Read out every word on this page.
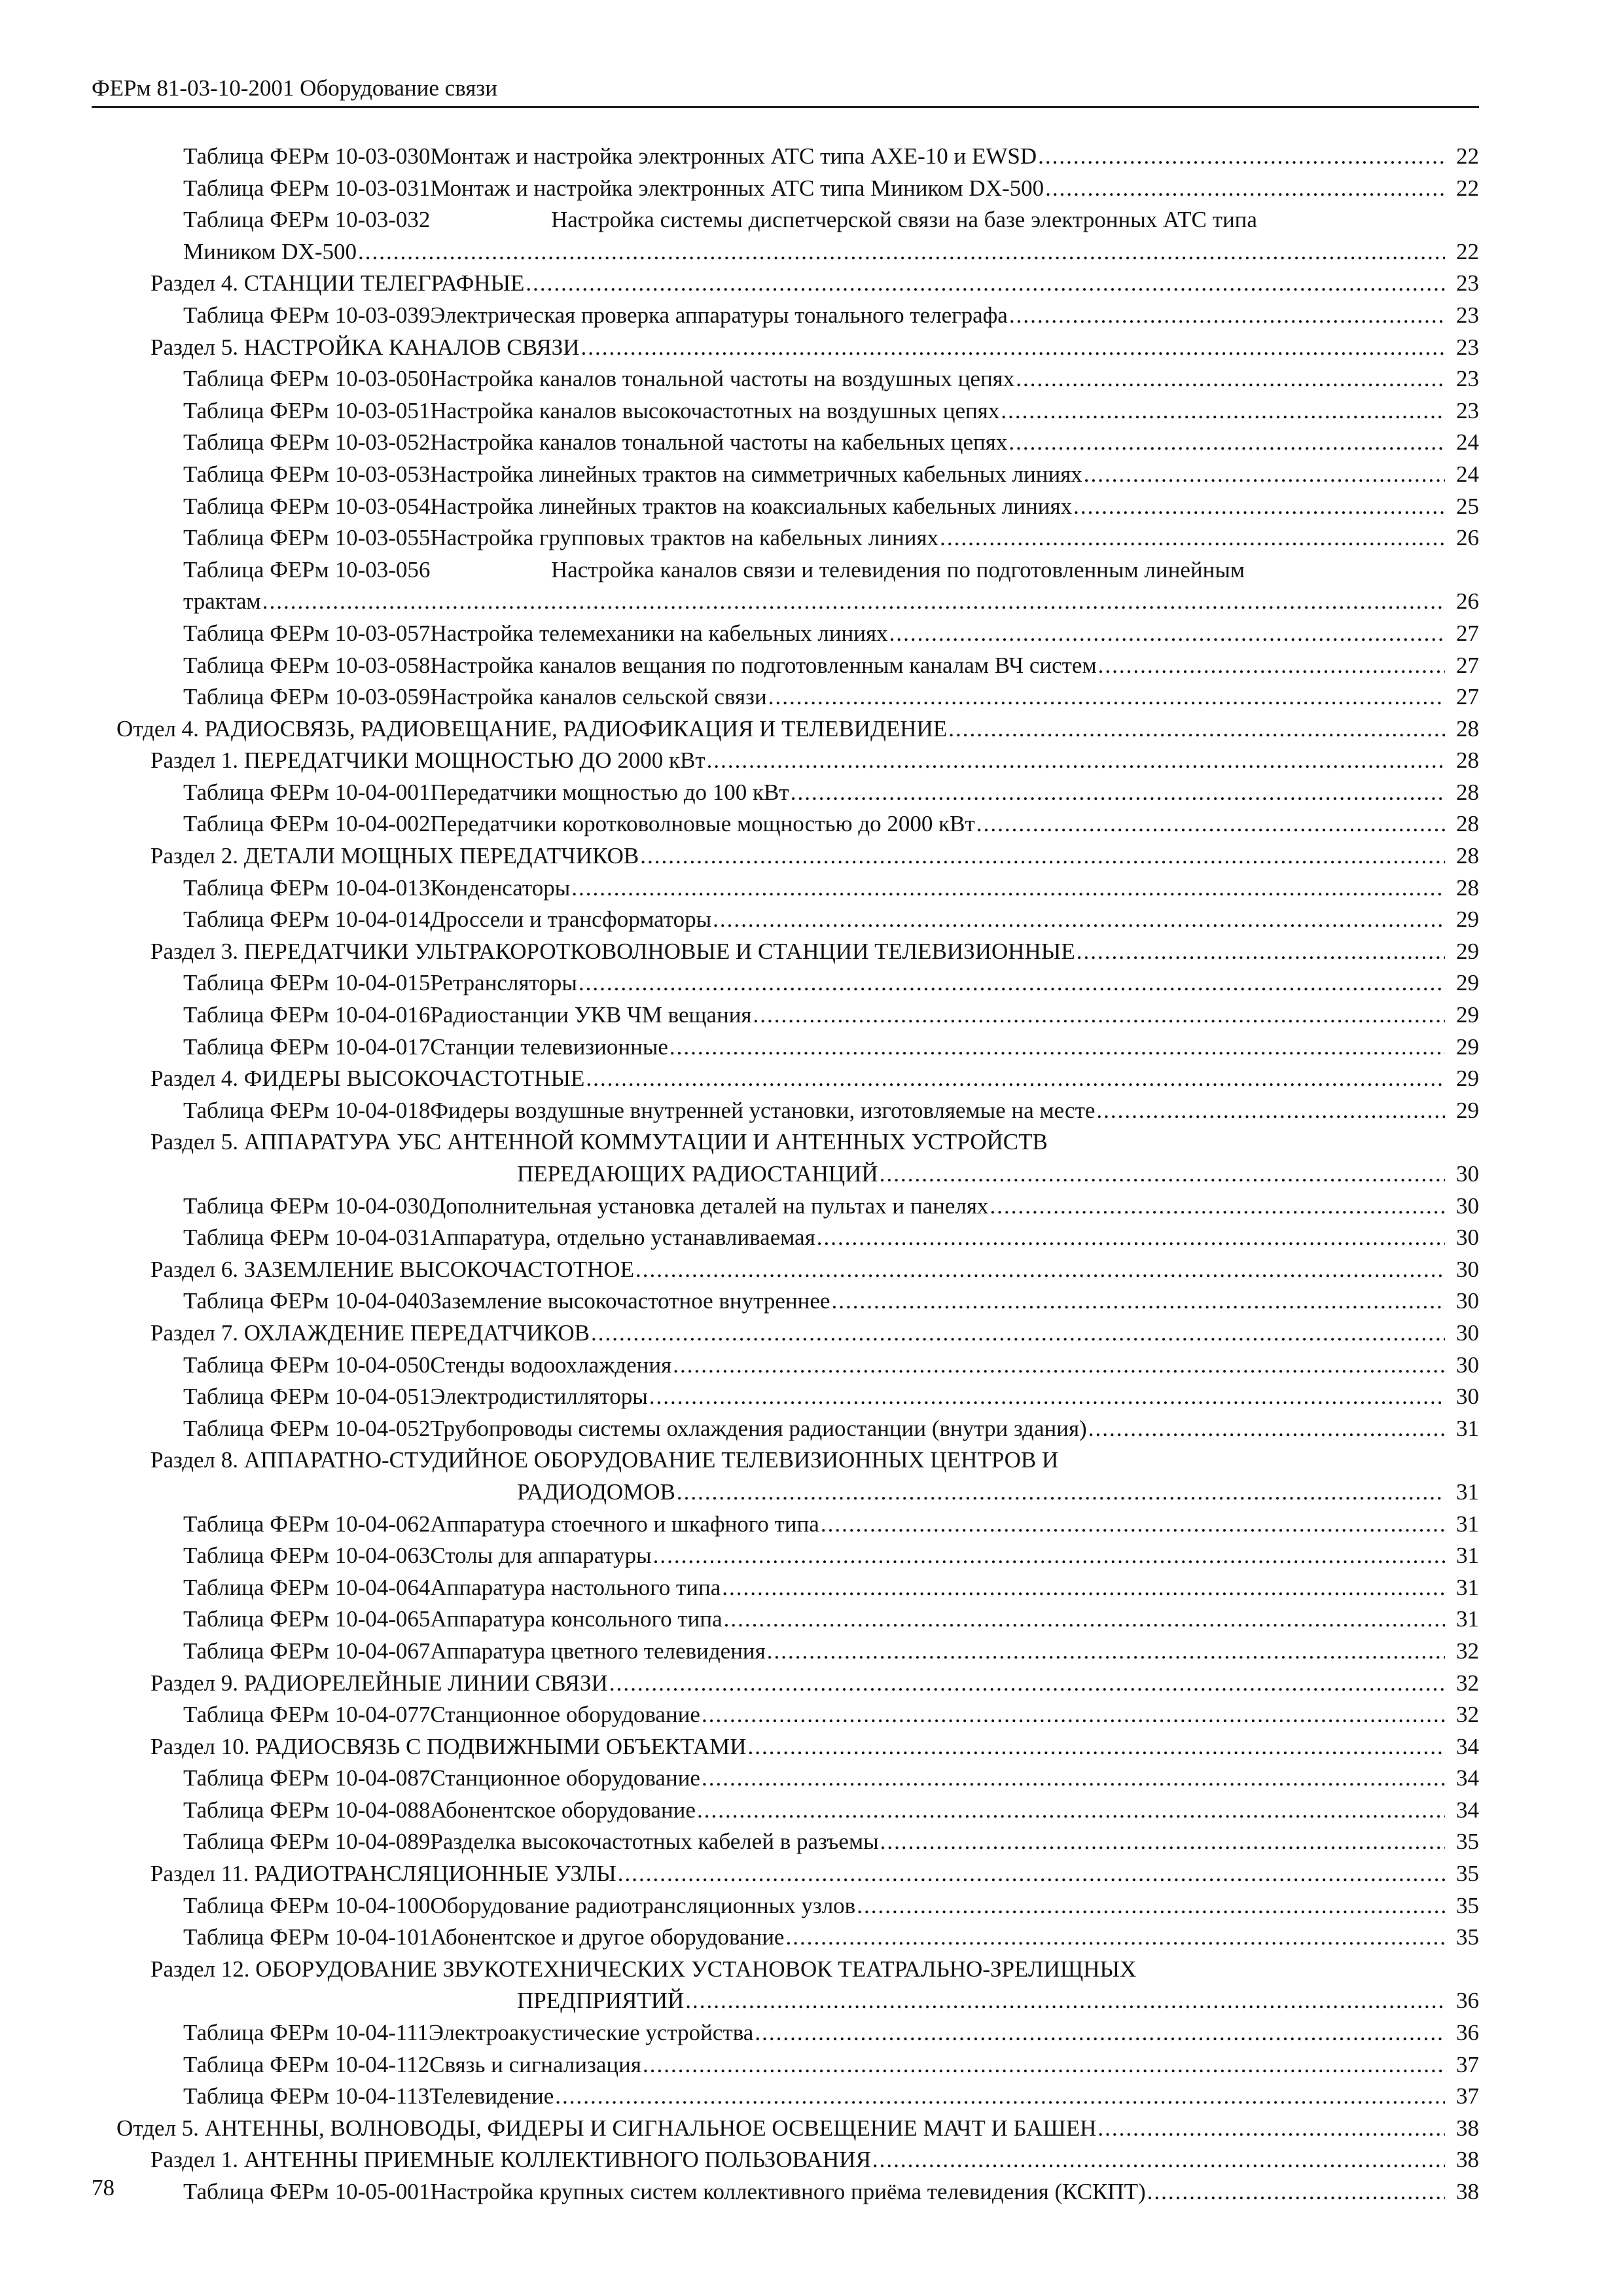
ФЕРм 81-03-10-2001 Оборудование связи
Таблица ФЕРм 10-03-030 Монтаж и настройка электронных АТС типа AXE-10 и EWSD .....	22
Таблица ФЕРм 10-03-031 Монтаж и настройка электронных АТС типа Миником DX-500 .....	22
Таблица ФЕРм 10-03-032	Настройка системы диспетчерской связи на базе электронных АТС типа
Миником DX-500 .....	22
Раздел 4. СТАНЦИИ ТЕЛЕГРАФНЫЕ .....	23
Таблица ФЕРм 10-03-039 Электрическая проверка аппаратуры тонального телеграфа .....	23
Раздел 5. НАСТРОЙКА КАНАЛОВ СВЯЗИ .....	23
Таблица ФЕРм 10-03-050 Настройка каналов тональной частоты на воздушных цепях .....	23
Таблица ФЕРм 10-03-051 Настройка каналов высокочастотных на воздушных цепях .....	23
Таблица ФЕРм 10-03-052 Настройка каналов тональной частоты на кабельных цепях .....	24
Таблица ФЕРм 10-03-053 Настройка линейных трактов на симметричных кабельных линиях .....	24
Таблица ФЕРм 10-03-054 Настройка линейных трактов на коаксиальных кабельных линиях .....	25
Таблица ФЕРм 10-03-055 Настройка групповых трактов на кабельных линиях .....	26
Таблица ФЕРм 10-03-056	Настройка каналов связи и телевидения по подготовленным линейным
трактам .....	26
Таблица ФЕРм 10-03-057 Настройка телемеханики на кабельных линиях .....	27
Таблица ФЕРм 10-03-058 Настройка каналов вещания по подготовленным каналам ВЧ систем .....	27
Таблица ФЕРм 10-03-059 Настройка каналов сельской связи .....	27
Отдел 4. РАДИОСВЯЗЬ, РАДИОВЕЩАНИЕ, РАДИОФИКАЦИЯ И ТЕЛЕВИДЕНИЕ .....	28
Раздел 1. ПЕРЕДАТЧИКИ МОЩНОСТЬЮ ДО 2000 кВт .....	28
Таблица ФЕРм 10-04-001 Передатчики мощностью до 100 кВт .....	28
Таблица ФЕРм 10-04-002 Передатчики коротковолновые мощностью до 2000 кВт .....	28
Раздел 2. ДЕТАЛИ МОЩНЫХ ПЕРЕДАТЧИКОВ .....	28
Таблица ФЕРм 10-04-013 Конденсаторы .....	28
Таблица ФЕРм 10-04-014 Дроссели и трансформаторы .....	29
Раздел 3. ПЕРЕДАТЧИКИ УЛЬТРАКОРОТКОВОЛНОВЫЕ И СТАНЦИИ ТЕЛЕВИЗИОННЫЕ .....	29
Таблица ФЕРм 10-04-015 Ретрансляторы .....	29
Таблица ФЕРм 10-04-016 Радиостанции УКВ ЧМ вещания .....	29
Таблица ФЕРм 10-04-017 Станции телевизионные .....	29
Раздел 4. ФИДЕРЫ ВЫСОКОЧАСТОТНЫЕ .....	29
Таблица ФЕРм 10-04-018 Фидеры воздушные внутренней установки, изготовляемые на месте .....	29
Раздел 5. АППАРАТУРА УБС АНТЕННОЙ КОММУТАЦИИ И АНТЕННЫХ УСТРОЙСТВ
ПЕРЕДАЮЩИХ РАДИОСТАНЦИЙ .....	30
Таблица ФЕРм 10-04-030 Дополнительная установка деталей на пультах и панелях .....	30
Таблица ФЕРм 10-04-031 Аппаратура, отдельно устанавливаемая .....	30
Раздел 6. ЗАЗЕМЛЕНИЕ ВЫСОКОЧАСТОТНОЕ .....	30
Таблица ФЕРм 10-04-040 Заземление высокочастотное внутреннее .....	30
Раздел 7. ОХЛАЖДЕНИЕ ПЕРЕДАТЧИКОВ .....	30
Таблица ФЕРм 10-04-050 Стенды водоохлаждения .....	30
Таблица ФЕРм 10-04-051 Электродистилляторы .....	30
Таблица ФЕРм 10-04-052 Трубопроводы системы охлаждения радиостанции (внутри здания) .....	31
Раздел 8. АППАРАТНО-СТУДИЙНОЕ ОБОРУДОВАНИЕ ТЕЛЕВИЗИОННЫХ ЦЕНТРОВ И
РАДИОДОМОВ .....	31
Таблица ФЕРм 10-04-062 Аппаратура стоечного и шкафного типа .....	31
Таблица ФЕРм 10-04-063 Столы для аппаратуры .....	31
Таблица ФЕРм 10-04-064 Аппаратура настольного типа .....	31
Таблица ФЕРм 10-04-065 Аппаратура консольного типа .....	31
Таблица ФЕРм 10-04-067 Аппаратура цветного телевидения .....	32
Раздел 9. РАДИОРЕЛЕЙНЫЕ ЛИНИИ СВЯЗИ .....	32
Таблица ФЕРм 10-04-077 Станционное оборудование .....	32
Раздел 10. РАДИОСВЯЗЬ С ПОДВИЖНЫМИ ОБЪЕКТАМИ .....	34
Таблица ФЕРм 10-04-087 Станционное оборудование .....	34
Таблица ФЕРм 10-04-088 Абонентское оборудование .....	34
Таблица ФЕРм 10-04-089 Разделка высокочастотных кабелей в разъемы .....	35
Раздел 11. РАДИОТРАНСЛЯЦИОННЫЕ УЗЛЫ .....	35
Таблица ФЕРм 10-04-100 Оборудование радиотрансляционных узлов .....	35
Таблица ФЕРм 10-04-101 Абонентское и другое оборудование .....	35
Раздел 12. ОБОРУДОВАНИЕ ЗВУКОТЕХНИЧЕСКИХ УСТАНОВОК ТЕАТРАЛЬНО-ЗРЕЛИЩНЫХ
ПРЕДПРИЯТИЙ .....	36
Таблица ФЕРм 10-04-111 Электроакустические устройства .....	36
Таблица ФЕРм 10-04-112 Связь и сигнализация .....	37
Таблица ФЕРм 10-04-113 Телевидение .....	37
Отдел 5. АНТЕННЫ, ВОЛНОВОДЫ, ФИДЕРЫ И СИГНАЛЬНОЕ ОСВЕЩЕНИЕ МАЧТ И БАШЕН .....	38
Раздел 1. АНТЕННЫ ПРИЕМНЫЕ КОЛЛЕКТИВНОГО ПОЛЬЗОВАНИЯ .....	38
Таблица ФЕРм 10-05-001 Настройка крупных систем коллективного приёма телевидения (КСКПТ) .....	38
78
